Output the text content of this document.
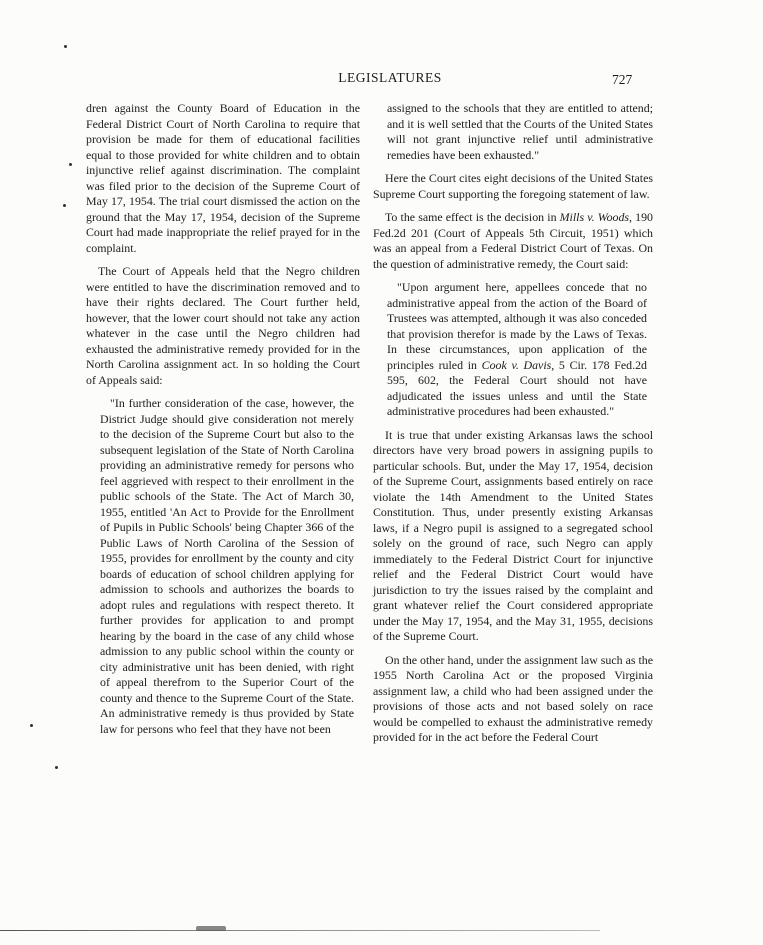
LEGISLATURES	727

dren against the County Board of Education in the Federal District Court of North Carolina to require that provision be made for them of educational facilities equal to those provided for white children and to obtain injunctive relief against discrimination. The complaint was filed prior to the decision of the Supreme Court of May 17, 1954. The trial court dismissed the action on the ground that the May 17, 1954, decision of the Supreme Court had made inappropriate the relief prayed for in the complaint.

The Court of Appeals held that the Negro children were entitled to have the discrimination removed and to have their rights declared. The Court further held, however, that the lower court should not take any action whatever in the case until the Negro children had exhausted the administrative remedy provided for in the North Carolina assignment act. In so holding the Court of Appeals said:

"In further consideration of the case, however, the District Judge should give consideration not merely to the decision of the Supreme Court but also to the subsequent legislation of the State of North Carolina providing an administrative remedy for persons who feel aggrieved with respect to their enrollment in the public schools of the State. The Act of March 30, 1955, entitled 'An Act to Provide for the Enrollment of Pupils in Public Schools' being Chapter 366 of the Public Laws of North Carolina of the Session of 1955, provides for enrollment by the county and city boards of education of school children applying for admission to schools and authorizes the boards to adopt rules and regulations with respect thereto. It further provides for application to and prompt hearing by the board in the case of any child whose admission to any public school within the county or city administrative unit has been denied, with right of appeal therefrom to the Superior Court of the county and thence to the Supreme Court of the State. An administrative remedy is thus provided by State law for persons who feel that they have not been
assigned to the schools that they are entitled to attend; and it is well settled that the Courts of the United States will not grant injunctive relief until administrative remedies have been exhausted."

Here the Court cites eight decisions of the United States Supreme Court supporting the foregoing statement of law.

To the same effect is the decision in Mills v. Woods, 190 Fed.2d 201 (Court of Appeals 5th Circuit, 1951) which was an appeal from a Federal District Court of Texas. On the question of administrative remedy, the Court said:

"Upon argument here, appellees concede that no administrative appeal from the action of the Board of Trustees was attempted, although it was also conceded that provision therefor is made by the Laws of Texas. In these circumstances, upon application of the principles ruled in Cook v. Davis, 5 Cir. 178 Fed.2d 595, 602, the Federal Court should not have adjudicated the issues unless and until the State administrative procedures had been exhausted."

It is true that under existing Arkansas laws the school directors have very broad powers in assigning pupils to particular schools. But, under the May 17, 1954, decision of the Supreme Court, assignments based entirely on race violate the 14th Amendment to the United States Constitution. Thus, under presently existing Arkansas laws, if a Negro pupil is assigned to a segregated school solely on the ground of race, such Negro can apply immediately to the Federal District Court for injunctive relief and the Federal District Court would have jurisdiction to try the issues raised by the complaint and grant whatever relief the Court considered appropriate under the May 17, 1954, and the May 31, 1955, decisions of the Supreme Court.

On the other hand, under the assignment law such as the 1955 North Carolina Act or the proposed Virginia assignment law, a child who had been assigned under the provisions of those acts and not based solely on race would be compelled to exhaust the administrative remedy provided for in the act before the Federal Court
